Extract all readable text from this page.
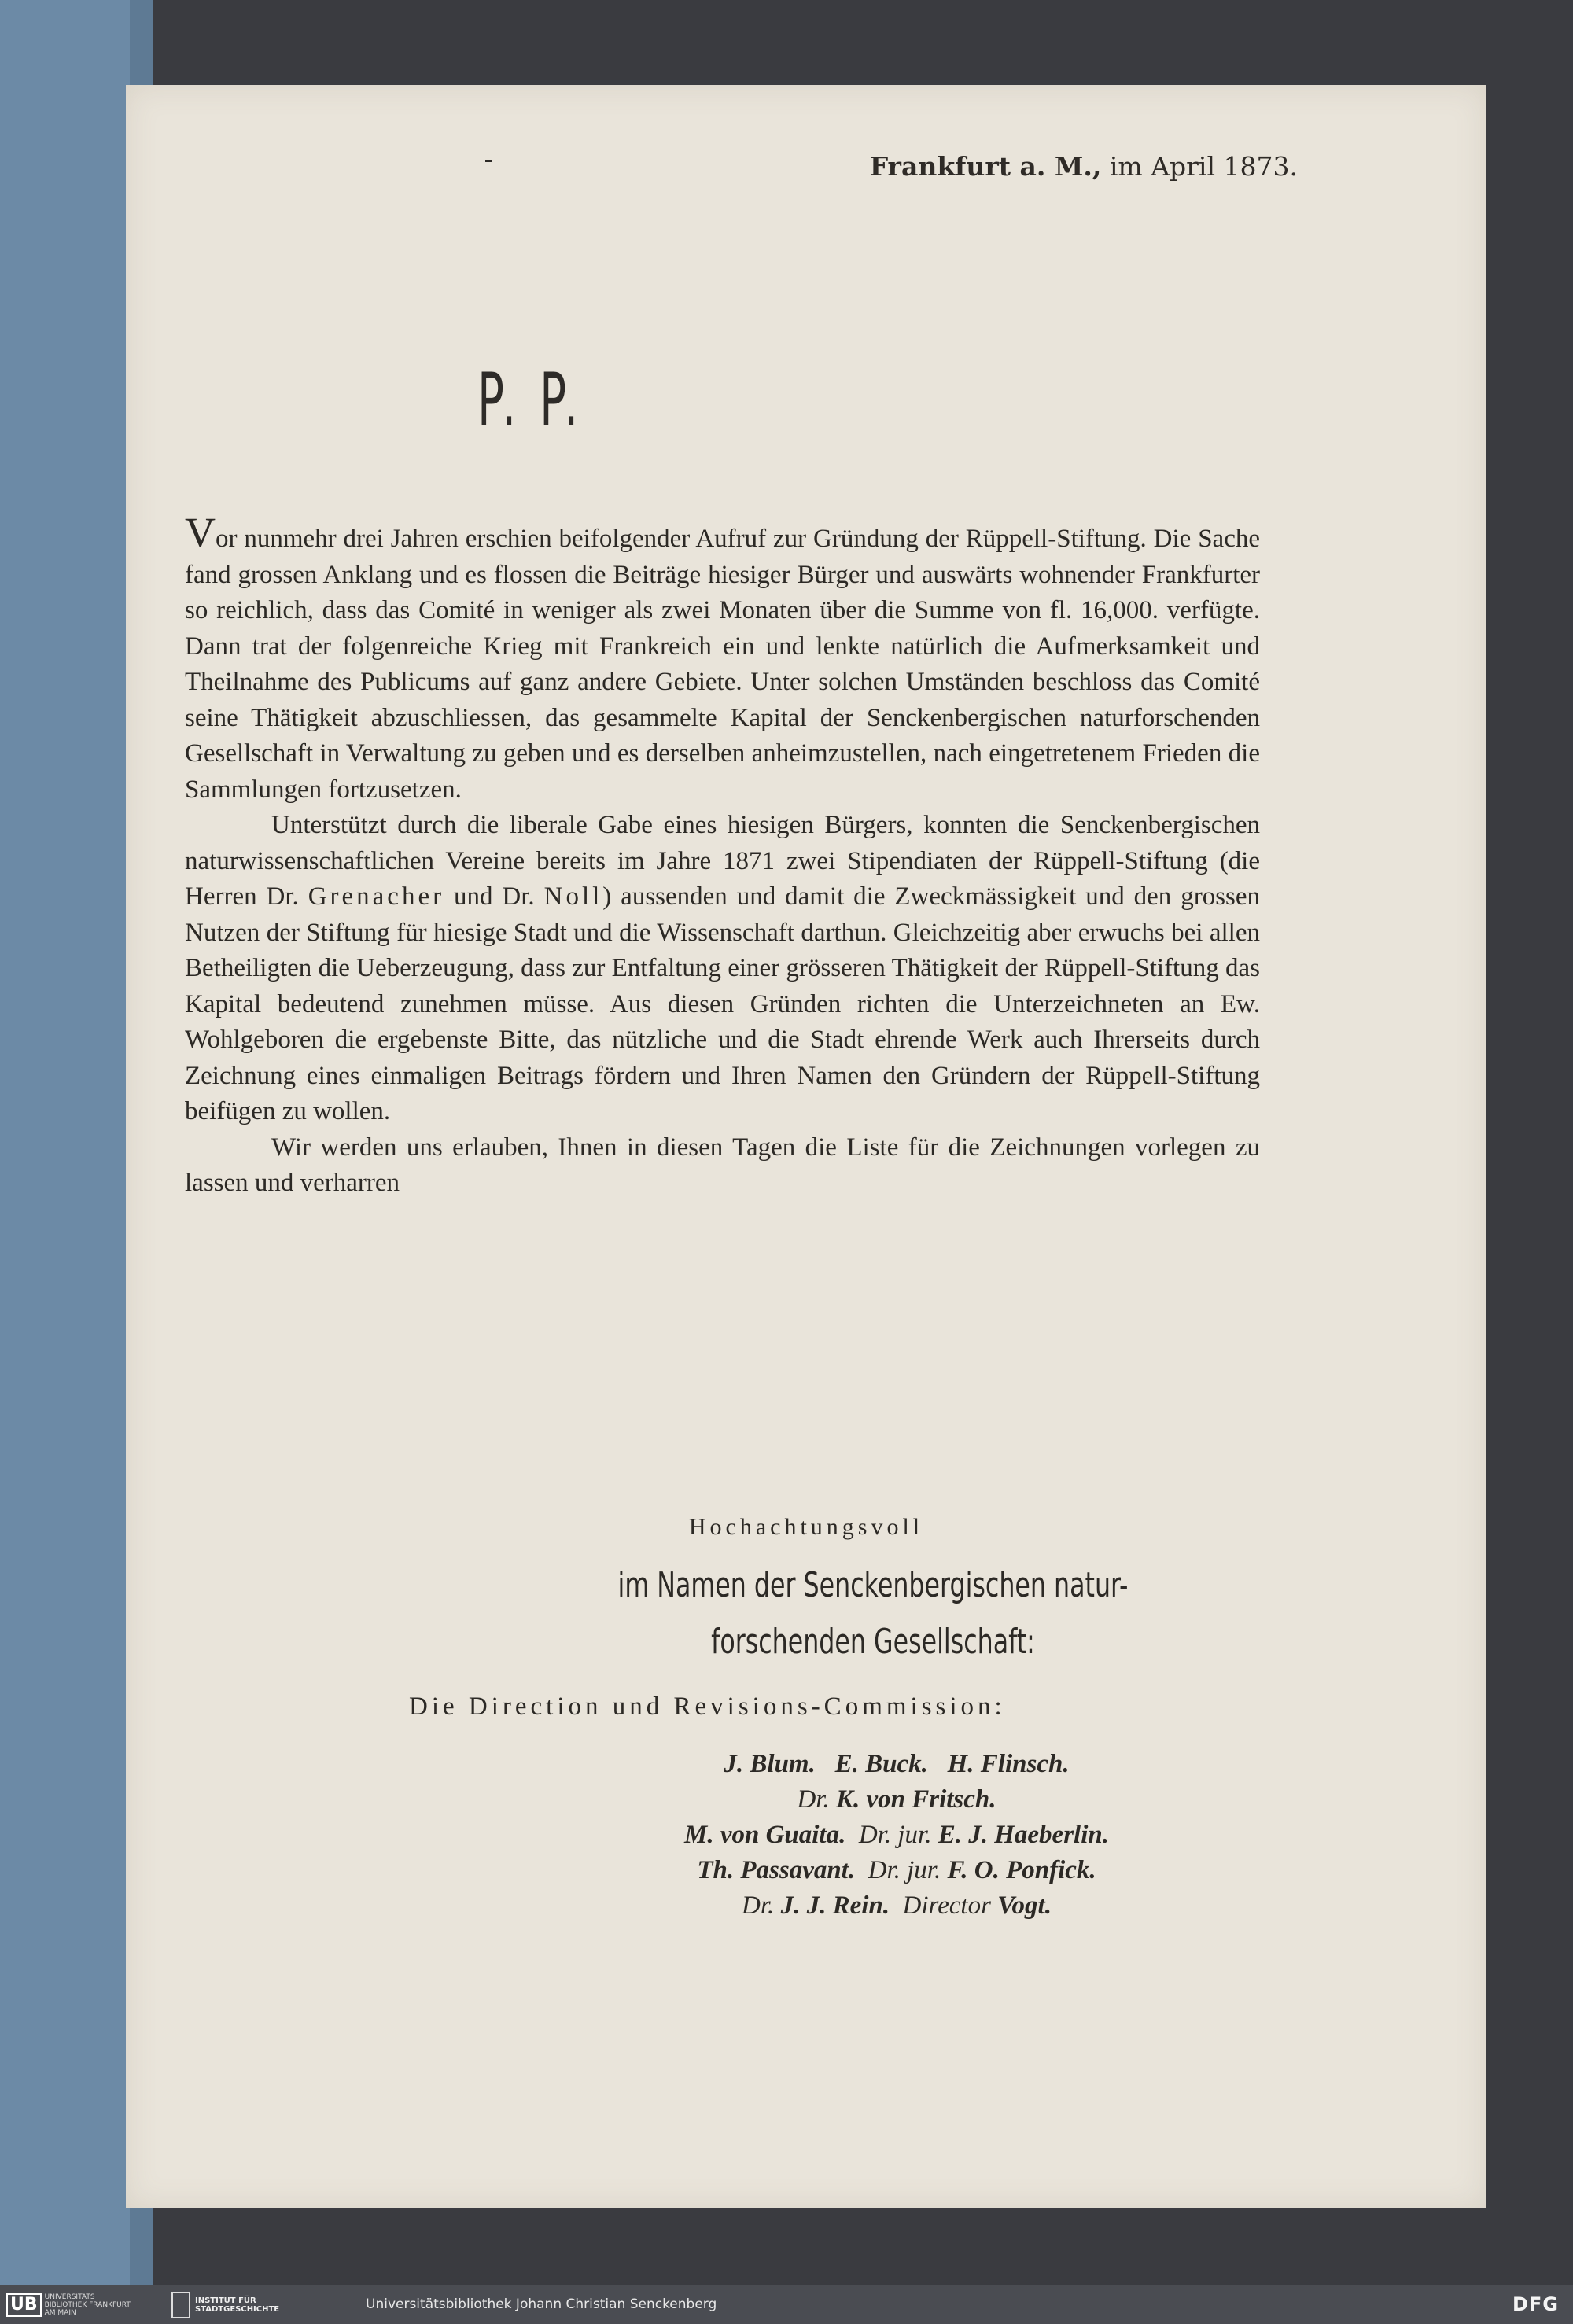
Frankfurt a. M., im April 1873.
P. P.

Vor nunmehr drei Jahren erschien beifolgender Aufruf zur Gründung der Rüppell-Stiftung. Die Sache fand grossen Anklang und es flossen die Beiträge hiesiger Bürger und auswärts wohnender Frankfurter so reichlich, dass das Comité in weniger als zwei Monaten über die Summe von fl. 16,000. verfügte. Dann trat der folgenreiche Krieg mit Frankreich ein und lenkte natürlich die Aufmerksamkeit und Theilnahme des Publicums auf ganz andere Gebiete. Unter solchen Umständen beschloss das Comité seine Thätigkeit abzuschliessen, das gesammelte Kapital der Senckenbergischen naturforschenden Gesellschaft in Verwaltung zu geben und es derselben anheimzustellen, nach eingetretenem Frieden die Sammlungen fortzusetzen.

Unterstützt durch die liberale Gabe eines hiesigen Bürgers, konnten die Senckenbergischen naturwissenschaftlichen Vereine bereits im Jahre 1871 zwei Stipendiaten der Rüppell-Stiftung (die Herren Dr. Grenacher und Dr. Noll) aussenden und damit die Zweckmässigkeit und den grossen Nutzen der Stiftung für hiesige Stadt und die Wissenschaft darthun. Gleichzeitig aber erwuchs bei allen Betheiligten die Ueberzeugung, dass zur Entfaltung einer grösseren Thätigkeit der Rüppell-Stiftung das Kapital bedeutend zunehmen müsse. Aus diesen Gründen richten die Unterzeichneten an Ew. Wohlgeboren die ergebenste Bitte, das nützliche und die Stadt ehrende Werk auch Ihrerseits durch Zeichnung eines einmaligen Beitrags fördern und Ihren Namen den Gründern der Rüppell-Stiftung beifügen zu wollen.

Wir werden uns erlauben, Ihnen in diesen Tagen die Liste für die Zeichnungen vorlegen zu lassen und verharren

Hochachtungsvoll
im Namen der Senckenbergischen natur-
forschenden Gesellschaft:
Die Direction und Revisions-Commission:
J. Blum. E. Buck. H. Flinsch.
Dr. K. von Fritsch.
M. von Guaita. Dr. jur. E. J. Haeberlin.
Th. Passavant. Dr. jur. F. O. Ponfick.
Dr. J. J. Rein. Director Vogt.
UB	UNIVERSITÄTS BIBLIOTHEK FRANKFURT AM MAIN
INSTITUT FÜR STADTGESCHICHTE	Universitätsbibliothek Johann Christian Senckenberg	DFG
